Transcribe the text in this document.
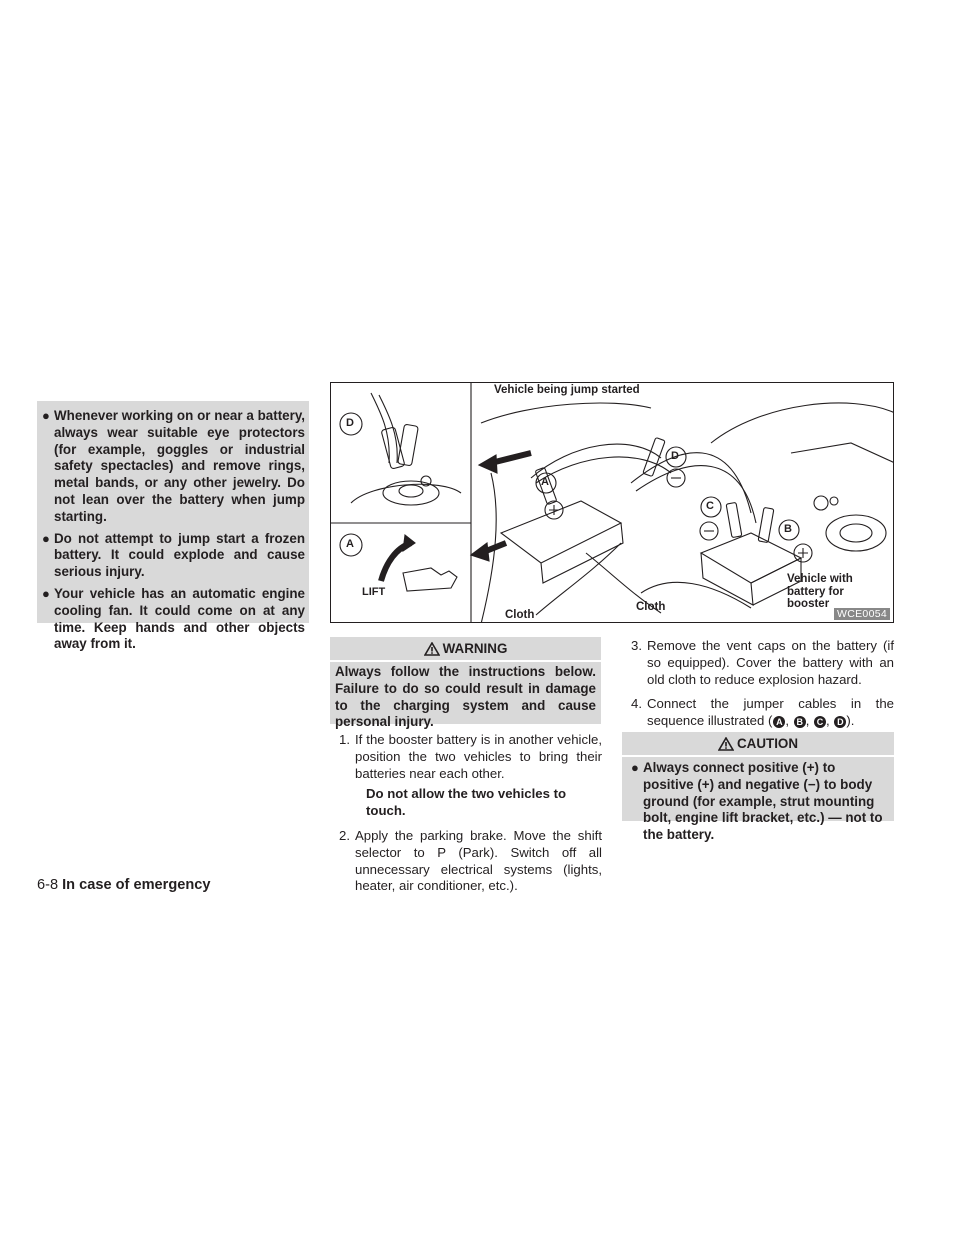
● Whenever working on or near a battery, always wear suitable eye protectors (for example, goggles or industrial safety spectacles) and remove rings, metal bands, or any other jewelry. Do not lean over the battery when jump starting.
● Do not attempt to jump start a frozen battery. It could explode and cause serious injury.
● Your vehicle has an automatic engine cooling fan. It could come on at any time. Keep hands and other objects away from it.
Vehicle being jump started
D
A
LIFT
A
D
C
B
Cloth
Cloth
Vehicle with battery for booster
WCE0054
WARNING
Always follow the instructions below. Failure to do so could result in damage to the charging system and cause personal injury.
1. If the booster battery is in another vehicle, position the two vehicles to bring their batteries near each other.
Do not allow the two vehicles to touch.
2. Apply the parking brake. Move the shift selector to P (Park). Switch off all unnecessary electrical systems (lights, heater, air conditioner, etc.).
3. Remove the vent caps on the battery (if so equipped). Cover the battery with an old cloth to reduce explosion hazard.
4. Connect the jumper cables in the sequence illustrated ( A , B , C , D ).
CAUTION
● Always connect positive (+) to positive (+) and negative (−) to body ground (for example, strut mounting bolt, engine lift bracket, etc.) — not to the battery.
6-8 In case of emergency
